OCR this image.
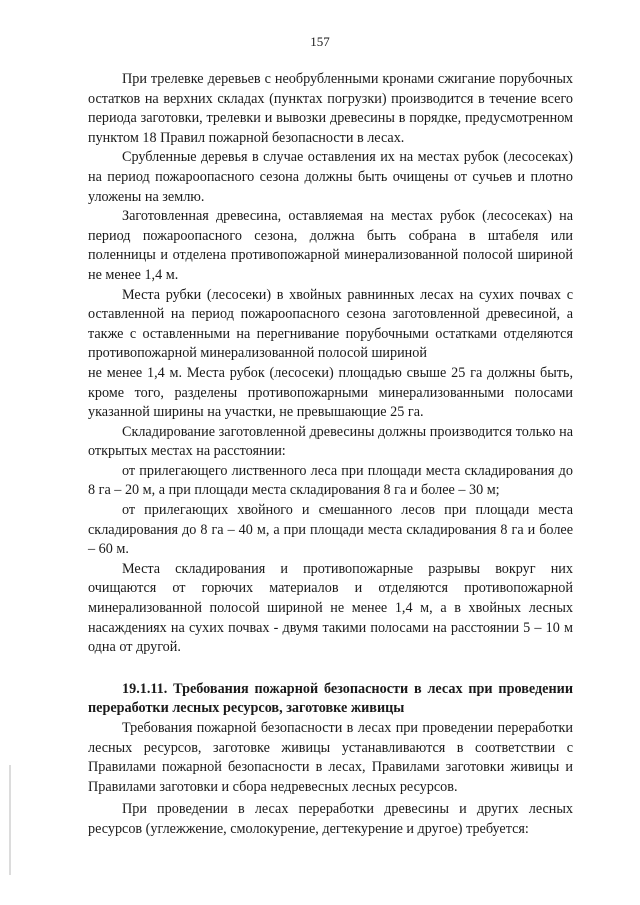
157

При трелевке деревьев с необрубленными кронами сжигание порубочных остатков на верхних складах (пунктах погрузки) производится в течение всего периода заготовки, трелевки и вывозки древесины в порядке, предусмотренном пунктом 18 Правил пожарной безопасности в лесах.

Срубленные деревья в случае оставления их на местах рубок (лесосеках) на период пожароопасного сезона должны быть очищены от сучьев и плотно уложены на землю.

Заготовленная древесина, оставляемая на местах рубок (лесосеках) на период пожароопасного сезона, должна быть собрана в штабеля или поленницы и отделена противопожарной минерализованной полосой шириной не менее 1,4 м.

Места рубки (лесосеки) в хвойных равнинных лесах на сухих почвах с оставленной на период пожароопасного сезона заготовленной древесиной, а также с оставленными на перегнивание порубочными остатками отделяются противопожарной минерализованной полосой шириной

не менее 1,4 м. Места рубок (лесосеки) площадью свыше 25 га должны быть, кроме того, разделены противопожарными минерализованными полосами указанной ширины на участки, не превышающие 25 га.

Складирование заготовленной древесины должны производится только на открытых местах на расстоянии:

от прилегающего лиственного леса при площади места складирования до 8 га – 20 м, а при площади места складирования 8 га и более – 30 м;

от прилегающих хвойного и смешанного лесов при площади места складирования до 8 га – 40 м, а при площади места складирования 8 га и более – 60 м.

Места складирования и противопожарные разрывы вокруг них очищаются от горючих материалов и отделяются противопожарной минерализованной полосой шириной не менее 1,4 м, а в хвойных лесных насаждениях на сухих почвах - двумя такими полосами на расстоянии 5 – 10 м одна от другой.

19.1.11. Требования пожарной безопасности в лесах при проведении переработки лесных ресурсов, заготовке живицы

Требования пожарной безопасности в лесах при проведении переработки лесных ресурсов, заготовке живицы устанавливаются в соответствии с Правилами пожарной безопасности в лесах, Правилами заготовки живицы и Правилами заготовки и сбора недревесных лесных ресурсов.

При проведении в лесах переработки древесины и других лесных ресурсов (углежжение, смолокурение, дегтекурение и другое) требуется:
